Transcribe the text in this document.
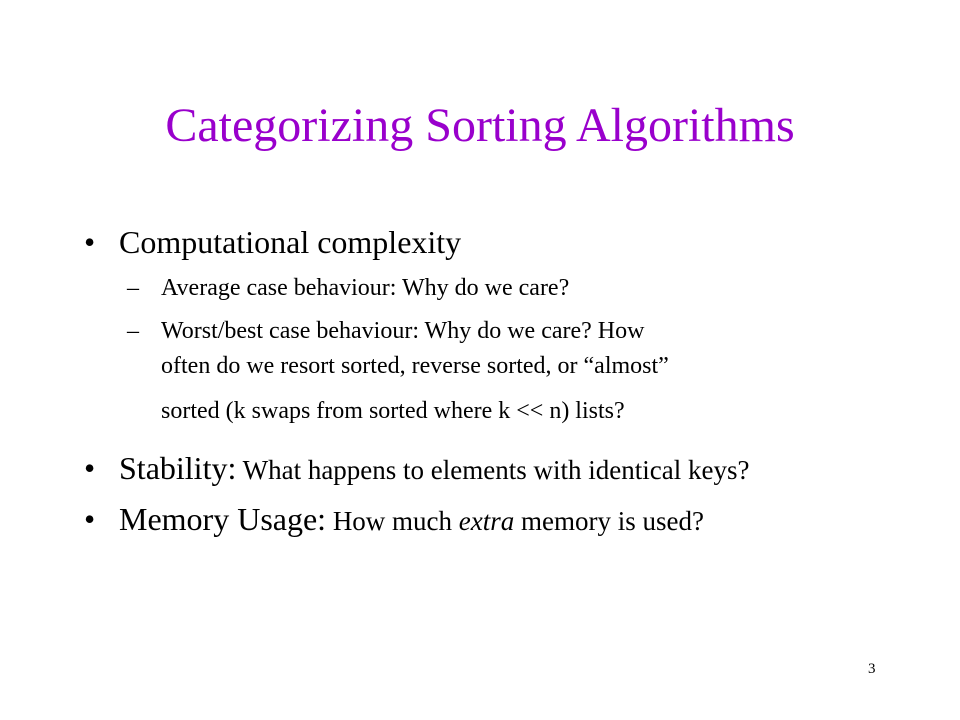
Categorizing Sorting Algorithms
• Computational complexity
– Average case behaviour: Why do we care?
– Worst/best case behaviour: Why do we care? How
often do we resort sorted, reverse sorted, or “almost”
sorted (k swaps from sorted where k << n) lists?
• Stability: What happens to elements with identical keys?
• Memory Usage: How much extra memory is used?
3
